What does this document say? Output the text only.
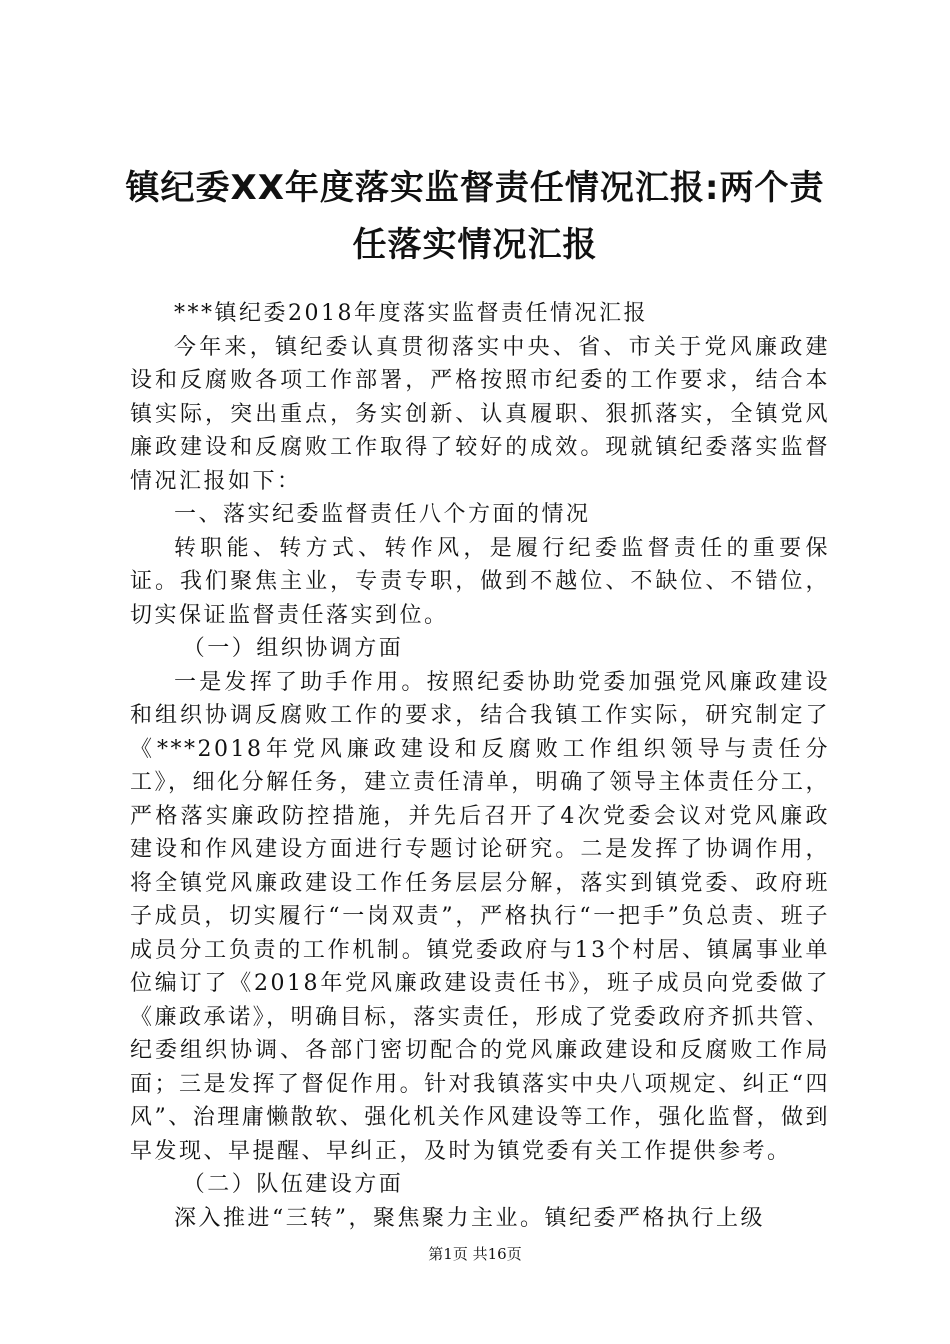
镇纪委XX年度落实监督责任情况汇报:两个责任落实情况汇报

***镇纪委2018年度落实监督责任情况汇报

今年来，镇纪委认真贯彻落实中央、省、市关于党风廉政建设和反腐败各项工作部署，严格按照市纪委的工作要求，结合本镇实际，突出重点，务实创新、认真履职、狠抓落实，全镇党风廉政建设和反腐败工作取得了较好的成效。现就镇纪委落实监督情况汇报如下：

一、落实纪委监督责任八个方面的情况

转职能、转方式、转作风，是履行纪委监督责任的重要保证。我们聚焦主业，专责专职，做到不越位、不缺位、不错位，切实保证监督责任落实到位。

（一）组织协调方面

一是发挥了助手作用。按照纪委协助党委加强党风廉政建设和组织协调反腐败工作的要求，结合我镇工作实际，研究制定了《***2018年党风廉政建设和反腐败工作组织领导与责任分工》，细化分解任务，建立责任清单，明确了领导主体责任分工，严格落实廉政防控措施，并先后召开了4次党委会议对党风廉政建设和作风建设方面进行专题讨论研究。二是发挥了协调作用，将全镇党风廉政建设工作任务层层分解，落实到镇党委、政府班子成员，切实履行“一岗双责”，严格执行“一把手”负总责、班子成员分工负责的工作机制。镇党委政府与13个村居、镇属事业单位编订了《2018年党风廉政建设责任书》，班子成员向党委做了《廉政承诺》，明确目标，落实责任，形成了党委政府齐抓共管、纪委组织协调、各部门密切配合的党风廉政建设和反腐败工作局面；三是发挥了督促作用。针对我镇落实中央八项规定、纠正“四风”、治理庸懒散软、强化机关作风建设等工作，强化监督，做到早发现、早提醒、早纠正，及时为镇党委有关工作提供参考。

（二）队伍建设方面

深入推进“三转”，聚焦聚力主业。镇纪委严格执行上级

第1页 共16页
